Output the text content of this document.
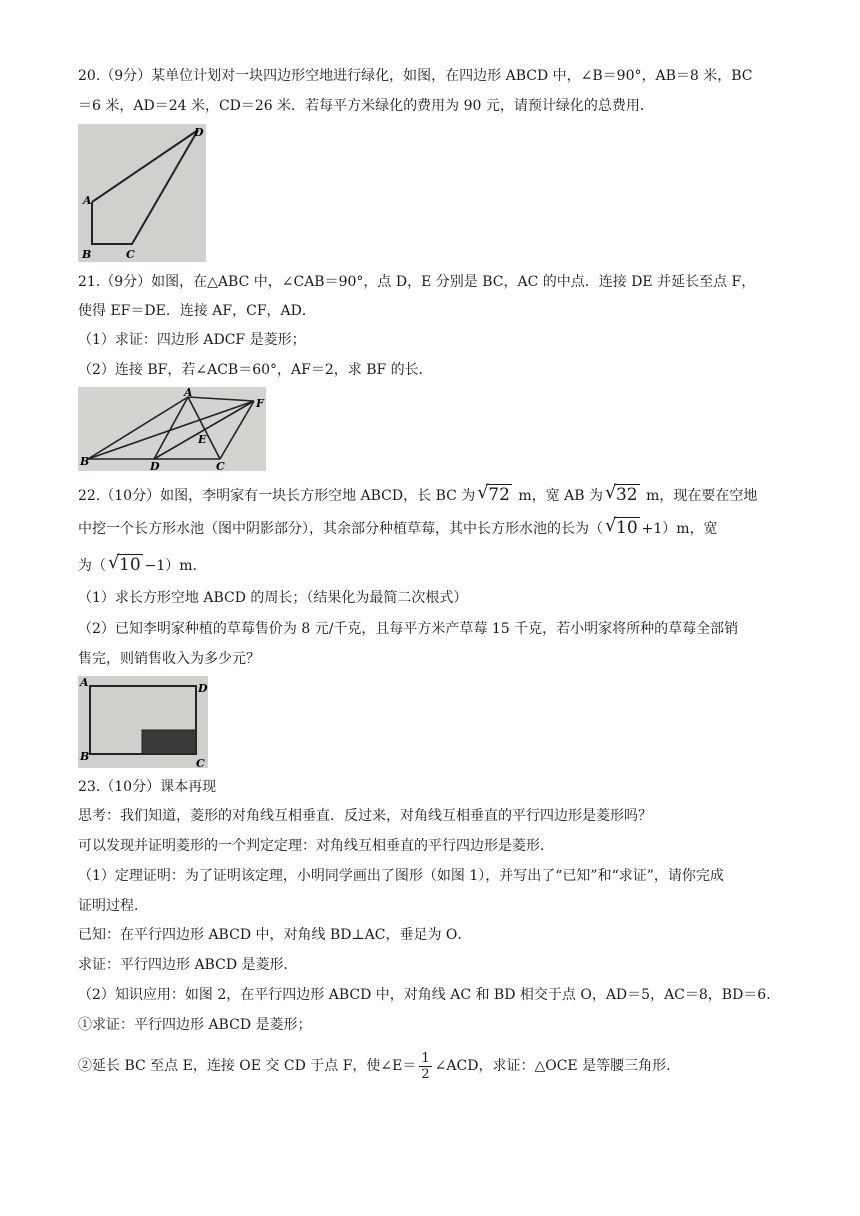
20.（9分）某单位计划对一块四边形空地进行绿化，如图，在四边形 ABCD 中，∠B＝90°，AB＝8 米，BC
＝6 米，AD＝24 米，CD＝26 米．若每平方米绿化的费用为 90 元，请预计绿化的总费用．
A
B	C
D
21.（9分）如图，在△ABC 中，∠CAB＝90°，点 D，E 分别是 BC，AC 的中点．连接 DE 并延长至点 F，
使得 EF＝DE．连接 AF，CF，AD．
（1）求证：四边形 ADCF 是菱形；
（2）连接 BF，若∠ACB＝60°，AF＝2，求 BF 的长．
A
B	C
D
E
F
22.（10分）如图，李明家有一块长方形空地 ABCD，长 BC 为 √ 72 m，宽 AB 为 √ 32 m，现在要在空地
中挖一个长方形水池（图中阴影部分），其余部分种植草莓，其中长方形水池的长为（ √ 10 +1）m，宽
为（ √ 10 −1）m．
（1）求长方形空地 ABCD 的周长；（结果化为最简二次根式）
（2）已知李明家种植的草莓售价为 8 元/千克，且每平方米产草莓 15 千克，若小明家将所种的草莓全部销
售完，则销售收入为多少元？
A
B
C
D
23.（10分）课本再现
思考：我们知道，菱形的对角线互相垂直．反过来，对角线互相垂直的平行四边形是菱形吗？
可以发现并证明菱形的一个判定定理：对角线互相垂直的平行四边形是菱形．
（1）定理证明：为了证明该定理，小明同学画出了图形（如图 1），并写出了“已知”和“求证”，请你完成
证明过程．
已知：在平行四边形 ABCD 中，对角线 BD⊥AC，垂足为 O．
求证：平行四边形 ABCD 是菱形．
（2）知识应用：如图 2，在平行四边形 ABCD 中，对角线 AC 和 BD 相交于点 O，AD＝5，AC＝8，BD＝6．
①求证：平行四边形 ABCD 是菱形；
②延长 BC 至点 E，连接 OE 交 CD 于点 F，使∠E＝ $\frac{1}{2}$ ∠ACD，求证：△OCE 是等腰三角形．
